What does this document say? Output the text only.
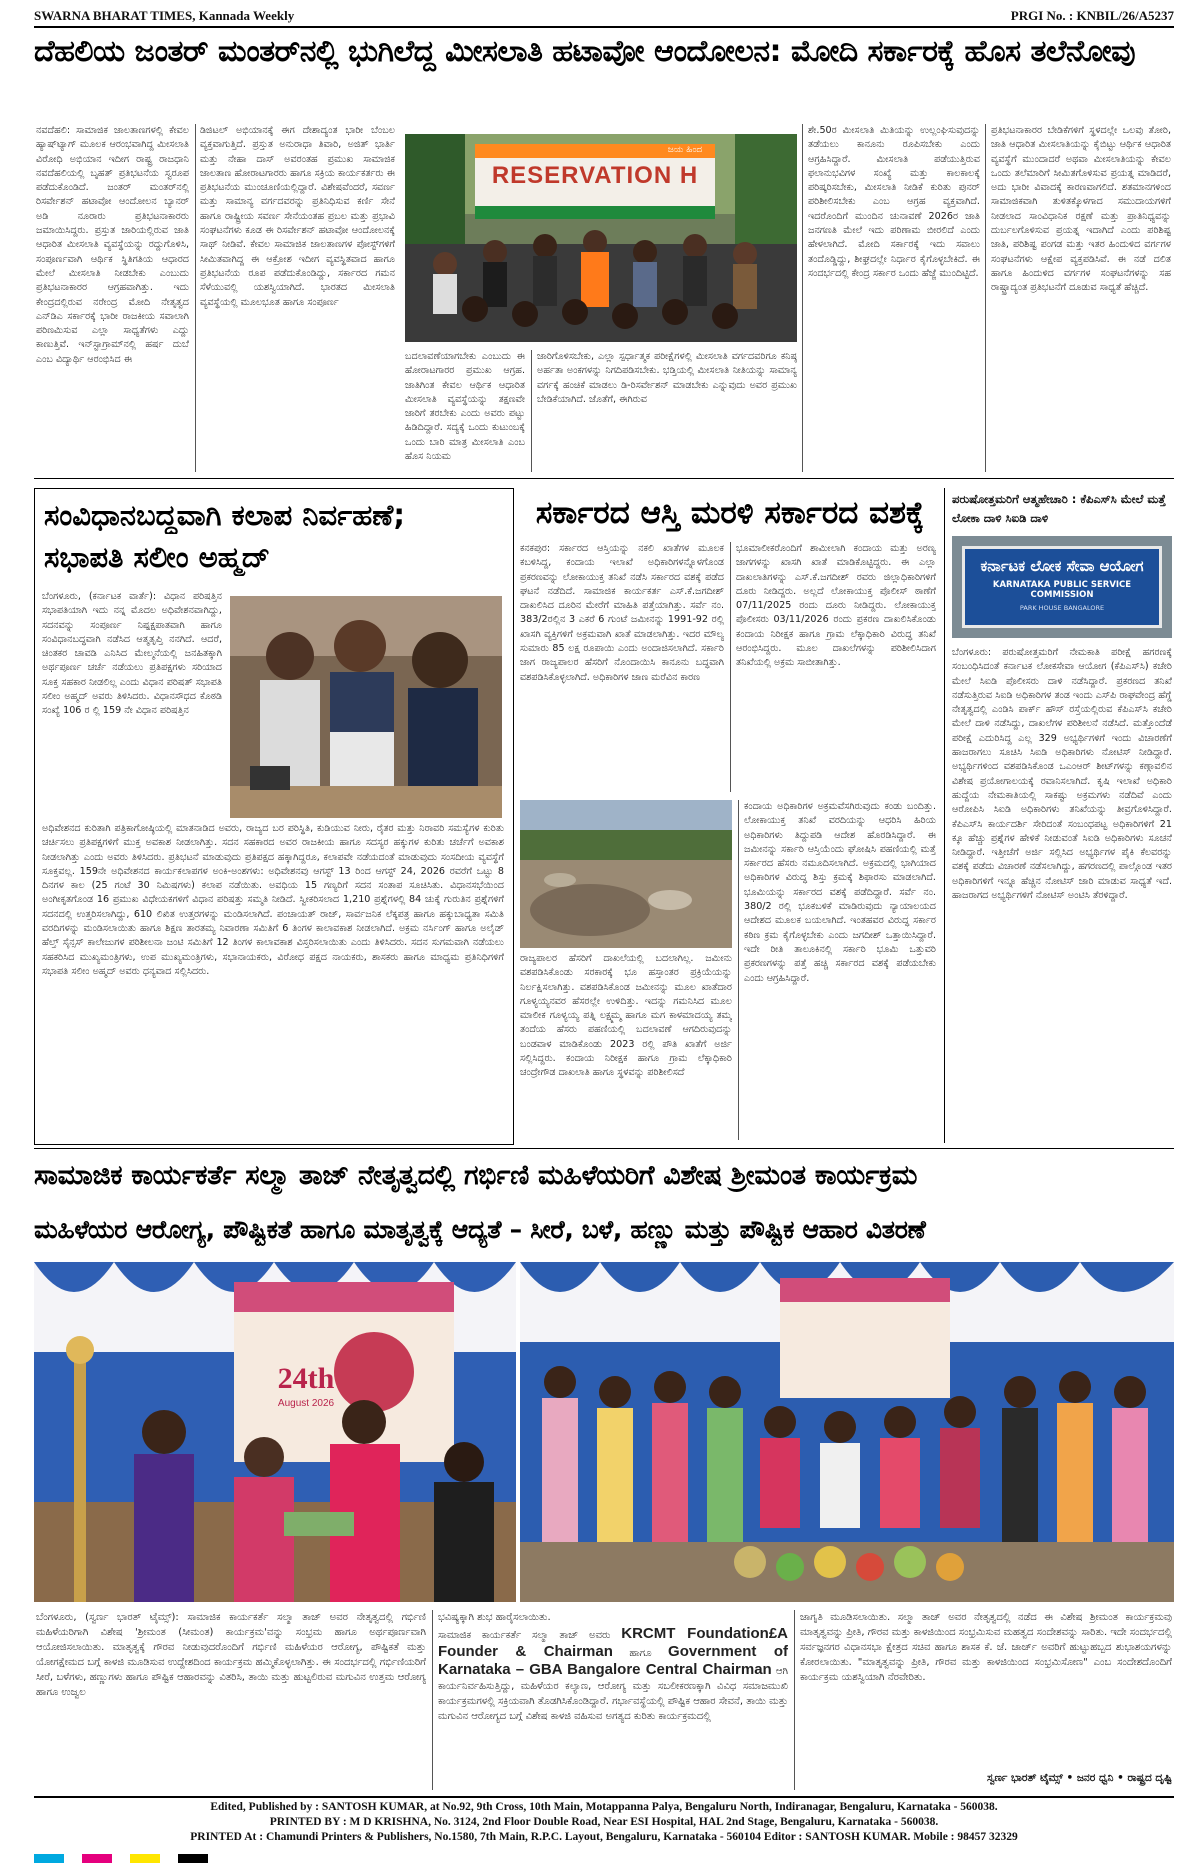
SWARNA BHARAT TIMES, Kannada Weekly	PRGI No. : KNBIL/26/A5237
ದೆಹಲಿಯ ಜಂತರ್ ಮಂತರ್‌ನಲ್ಲಿ ಭುಗಿಲೆದ್ದ ಮೀಸಲಾತಿ ಹಟಾವೋ ಆಂದೋಲನ: ಮೋದಿ ಸರ್ಕಾರಕ್ಕೆ ಹೊಸ ತಲೆನೋವು
ನವದೆಹಲಿ: ಸಾಮಾಜಿಕ ಜಾಲತಾಣಗಳಲ್ಲಿ ಕೇವಲ ಹ್ಯಾಷ್‌ಟ್ಯಾಗ್ ಮೂಲಕ ಆರಂಭವಾಗಿದ್ದ ಮೀಸಲಾತಿ ವಿರೋಧಿ ಅಭಿಯಾನ ಇದೀಗ ರಾಷ್ಟ್ರ ರಾಜಧಾನಿ ನವದೆಹಲಿಯಲ್ಲಿ ಬೃಹತ್ ಪ್ರತಿಭಟನೆಯ ಸ್ವರೂಪ ಪಡೆದುಕೊಂಡಿದೆ. ಜಂತರ್ ಮಂತರ್‌ನಲ್ಲಿ ರಿಸರ್ವೇಶನ್ ಹಟಾವೋ ಆಂದೋಲನ ಬ್ಯಾನರ್ ಅಡಿ ನೂರಾರು ಪ್ರತಿಭಟನಾಕಾರರು ಜಮಾಯಿಸಿದ್ದರು. ಪ್ರಸ್ತುತ ಜಾರಿಯಲ್ಲಿರುವ ಜಾತಿ ಆಧಾರಿತ ಮೀಸಲಾತಿ ವ್ಯವಸ್ಥೆಯನ್ನು ರದ್ದುಗೊಳಿಸಿ, ಸಂಪೂರ್ಣವಾಗಿ ಆರ್ಥಿಕ ಸ್ಥಿತಿಗತಿಯ ಆಧಾರದ ಮೇಲೆ ಮೀಸಲಾತಿ ನೀಡಬೇಕು ಎಂಬುದು ಪ್ರತಿಭಟನಾಕಾರರ ಆಗ್ರಹವಾಗಿತ್ತು. ಇದು ಕೇಂದ್ರದಲ್ಲಿರುವ ನರೇಂದ್ರ ಮೋದಿ ನೇತೃತ್ವದ ಎನ್‌ಡಿಎ ಸರ್ಕಾರಕ್ಕೆ ಭಾರೀ ರಾಜಕೀಯ ಸವಾಲಾಗಿ ಪರಿಣಮಿಸುವ ಎಲ್ಲಾ ಸಾಧ್ಯತೆಗಳು ಎದ್ದು ಕಾಣುತ್ತಿವೆ. ಇನ್‌ಸ್ಟಾಗ್ರಾಮ್‌ನಲ್ಲಿ ಹರ್ಷ ದುಬೆ ಎಂಬ ವಿದ್ಯಾರ್ಥಿ ಆರಂಭಿಸಿದ ಈ
ಡಿಜಿಟಲ್ ಅಭಿಯಾನಕ್ಕೆ ಈಗ ದೇಶಾದ್ಯಂತ ಭಾರೀ ಬೆಂಬಲ ವ್ಯಕ್ತವಾಗುತ್ತಿದೆ. ಪ್ರಸ್ತುತ ಅನುರಾಧಾ ತಿವಾರಿ, ಅಜಿತ್ ಭಾರ್ತಿ ಮತ್ತು ನೇಹಾ ದಾಸ್ ಅವರಂತಹ ಪ್ರಮುಖ ಸಾಮಾಜಿಕ ಜಾಲತಾಣ ಹೋರಾಟಗಾರರು ಹಾಗೂ ಸಕ್ರಿಯ ಕಾರ್ಯಕರ್ತರು ಈ ಪ್ರತಿಭಟನೆಯ ಮುಂಚೂಣಿಯಲ್ಲಿದ್ದಾರೆ. ವಿಶೇಷವೆಂದರೆ, ಸವರ್ಣ ಮತ್ತು ಸಾಮಾನ್ಯ ವರ್ಗದವರನ್ನು ಪ್ರತಿನಿಧಿಸುವ ಕರ್ಣಿ ಸೇನೆ ಹಾಗೂ ರಾಷ್ಟ್ರೀಯ ಸವರ್ಣ ಸೇನೆಯಂತಹ ಪ್ರಬಲ ಮತ್ತು ಪ್ರಭಾವಿ ಸಂಘಟನೆಗಳು ಕೂಡ ಈ ರಿಸರ್ವೇಶನ್ ಹಟಾವೋ ಆಂದೋಲನಕ್ಕೆ ಸಾಥ್ ನೀಡಿವೆ. ಕೇವಲ ಸಾಮಾಜಿಕ ಜಾಲತಾಣಗಳ ಪೋಸ್ಟ್‌ಗಳಿಗೆ ಸೀಮಿತವಾಗಿದ್ದ ಈ ಆಕ್ರೋಶ ಇದೀಗ ವ್ಯವಸ್ಥಿತವಾದ ಹಾಗೂ ಪ್ರತಿಭಟನೆಯ ರೂಪ ಪಡೆದುಕೊಂಡಿದ್ದು, ಸರ್ಕಾರದ ಗಮನ ಸೆಳೆಯುವಲ್ಲಿ ಯಶಸ್ವಿಯಾಗಿದೆ. ಭಾರತದ ಮೀಸಲಾತಿ ವ್ಯವಸ್ಥೆಯಲ್ಲಿ ಮೂಲಭೂತ ಹಾಗೂ ಸಂಪೂರ್ಣ
RESERVATION H
ಜಯ ಹಿಂದ
ಬದಲಾವಣೆಯಾಗಬೇಕು ಎಂಬುದು ಈ ಹೋರಾಟಗಾರರ ಪ್ರಮುಖ ಆಗ್ರಹ. ಜಾತಿಗಿಂತ ಕೇವಲ ಆರ್ಥಿಕ ಆಧಾರಿತ ಮೀಸಲಾತಿ ವ್ಯವಸ್ಥೆಯನ್ನು ತಕ್ಷಣವೇ ಜಾರಿಗೆ ತರಬೇಕು ಎಂದು ಅವರು ಪಟ್ಟು ಹಿಡಿದಿದ್ದಾರೆ. ಸದ್ಯಕ್ಕೆ ಒಂದು ಕುಟುಂಬಕ್ಕೆ ಒಂದು ಬಾರಿ ಮಾತ್ರ ಮೀಸಲಾತಿ ಎಂಬ ಹೊಸ ನಿಯಮ
ಜಾರಿಗೊಳಿಸಬೇಕು, ಎಲ್ಲಾ ಸ್ಪರ್ಧಾತ್ಮಕ ಪರೀಕ್ಷೆಗಳಲ್ಲಿ ಮೀಸಲಾತಿ ವರ್ಗದವರಿಗೂ ಕನಿಷ್ಠ ಅರ್ಹತಾ ಅಂಕಗಳನ್ನು ನಿಗದಿಪಡಿಸಬೇಕು. ಭಡ್ತಿಯಲ್ಲಿ ಮೀಸಲಾತಿ ನೀತಿಯನ್ನು ಸಾಮಾನ್ಯ ವರ್ಗಕ್ಕೆ ಹಂಚಿಕೆ ಮಾಡಲು ಡಿ-ರಿಸರ್ವೇಶನ್ ಮಾಡಬೇಕು ಎನ್ನುವುದು ಅವರ ಪ್ರಮುಖ ಬೇಡಿಕೆಯಾಗಿದೆ. ಜೊತೆಗೆ, ಈಗಿರುವ
ಶೇ.50ರ ಮೀಸಲಾತಿ ಮಿತಿಯನ್ನು ಉಲ್ಲಂಘಿಸುವುದನ್ನು ತಡೆಯಲು ಕಾನೂನು ರೂಪಿಸಬೇಕು ಎಂದು ಆಗ್ರಹಿಸಿದ್ದಾರೆ. ಮೀಸಲಾತಿ ಪಡೆಯುತ್ತಿರುವ ಫಲಾನುಭವಿಗಳ ಸಂಖ್ಯೆ ಮತ್ತು ಕಾಲಕಾಲಕ್ಕೆ ಪರಿಷ್ಕರಿಸಬೇಕು, ಮೀಸಲಾತಿ ನೀಡಿಕೆ ಕುರಿತು ಪುನರ್ ಪರಿಶೀಲಿಸಬೇಕು ಎಂಬ ಆಗ್ರಹ ವ್ಯಕ್ತವಾಗಿದೆ. ಇದರೊಂದಿಗೆ ಮುಂದಿನ ಚುನಾವಣೆ 2026ರ ಜಾತಿ ಜನಗಣತಿ ಮೇಲೆ ಇದು ಪರಿಣಾಮ ಬೀರಲಿದೆ ಎಂದು ಹೇಳಲಾಗಿದೆ. ಮೋದಿ ಸರ್ಕಾರಕ್ಕೆ ಇದು ಸವಾಲು ತಂದೊಡ್ಡಿದ್ದು, ಶೀಘ್ರದಲ್ಲೇ ನಿರ್ಧಾರ ಕೈಗೊಳ್ಳಬೇಕಿದೆ. ಈ ಸಂದರ್ಭದಲ್ಲಿ ಕೇಂದ್ರ ಸರ್ಕಾರ ಒಂದು ಹೆಜ್ಜೆ ಮುಂದಿಟ್ಟಿದೆ.
ಪ್ರತಿಭಟನಾಕಾರರ ಬೇಡಿಕೆಗಳಿಗೆ ಸ್ಥಳದಲ್ಲೇ ಒಲವು ತೋರಿ, ಜಾತಿ ಆಧಾರಿತ ಮೀಸಲಾತಿಯನ್ನು ಕೈಬಿಟ್ಟು ಆರ್ಥಿಕ ಆಧಾರಿತ ವ್ಯವಸ್ಥೆಗೆ ಮುಂದಾದರೆ ಅಥವಾ ಮೀಸಲಾತಿಯನ್ನು ಕೇವಲ ಒಂದು ತಲೆಮಾರಿಗೆ ಸೀಮಿತಗೊಳಿಸುವ ಪ್ರಯತ್ನ ಮಾಡಿದರೆ, ಅದು ಭಾರೀ ವಿವಾದಕ್ಕೆ ಕಾರಣವಾಗಲಿದೆ. ಶತಮಾನಗಳಿಂದ ಸಾಮಾಜಿಕವಾಗಿ ತುಳಿತಕ್ಕೊಳಗಾದ ಸಮುದಾಯಗಳಿಗೆ ನೀಡಲಾದ ಸಾಂವಿಧಾನಿಕ ರಕ್ಷಣೆ ಮತ್ತು ಪ್ರಾತಿನಿಧ್ಯವನ್ನು ದುರ್ಬಲಗೊಳಿಸುವ ಪ್ರಯತ್ನ ಇದಾಗಿದೆ ಎಂದು ಪರಿಶಿಷ್ಟ ಜಾತಿ, ಪರಿಶಿಷ್ಟ ಪಂಗಡ ಮತ್ತು ಇತರ ಹಿಂದುಳಿದ ವರ್ಗಗಳ ಸಂಘಟನೆಗಳು ಆಕ್ಷೇಪ ವ್ಯಕ್ತಪಡಿಸಿವೆ. ಈ ನಡೆ ದಲಿತ ಹಾಗೂ ಹಿಂದುಳಿದ ವರ್ಗಗಳ ಸಂಘಟನೆಗಳನ್ನು ಸಹ ರಾಷ್ಟ್ರಾದ್ಯಂತ ಪ್ರತಿಭಟನೆಗೆ ದೂಡುವ ಸಾಧ್ಯತೆ ಹೆಚ್ಚಿದೆ.
ಸಂವಿಧಾನಬದ್ಧವಾಗಿ ಕಲಾಪ ನಿರ್ವಹಣೆ;
ಸಭಾಪತಿ ಸಲೀಂ ಅಹ್ಮದ್
ಬೆಂಗಳೂರು, (ಕರ್ನಾಟಕ ವಾರ್ತೆ): ವಿಧಾನ ಪರಿಷತ್ತಿನ ಸಭಾಪತಿಯಾಗಿ ಇದು ನನ್ನ ಮೊದಲ ಅಧಿವೇಶನವಾಗಿದ್ದು, ಸದನವನ್ನು ಸಂಪೂರ್ಣ ನಿಷ್ಪಕ್ಷಪಾತವಾಗಿ ಹಾಗೂ ಸಂವಿಧಾನಬದ್ಧವಾಗಿ ನಡೆಸಿದ ಆತ್ಮತೃಪ್ತಿ ನನಗಿದೆ. ಆದರೆ, ಚಿಂತಕರ ಚಾವಡಿ ಎನಿಸಿದ ಮೇಲ್ಮನೆಯಲ್ಲಿ ಜನಹಿತಕ್ಕಾಗಿ ಅರ್ಥಪೂರ್ಣ ಚರ್ಚೆ ನಡೆಯಲು ಪ್ರತಿಪಕ್ಷಗಳು ಸರಿಯಾದ ಸೂಕ್ತ ಸಹಕಾರ ನೀಡಲಿಲ್ಲ ಎಂದು ವಿಧಾನ ಪರಿಷತ್ ಸಭಾಪತಿ ಸಲೀಂ ಅಹ್ಮದ್ ಅವರು ತಿಳಿಸಿದರು. ವಿಧಾನಸೌಧದ ಕೊಠಡಿ ಸಂಖ್ಯೆ 106 ರ ಲ್ಲಿ 159 ನೇ ವಿಧಾನ ಪರಿಷತ್ತಿನ
ಅಧಿವೇಶನದ ಕುರಿತಾಗಿ ಪತ್ರಿಕಾಗೋಷ್ಠಿಯಲ್ಲಿ ಮಾತನಾಡಿದ ಅವರು, ರಾಜ್ಯದ ಬರ ಪರಿಸ್ಥಿತಿ, ಕುಡಿಯುವ ನೀರು, ರೈತರ ಮತ್ತು ನಿರಾವರಿ ಸಮಸ್ಯೆಗಳ ಕುರಿತು ಚರ್ಚಿಸಲು ಪ್ರತಿಪಕ್ಷಗಳಿಗೆ ಮುಕ್ತ ಅವಕಾಶ ನೀಡಲಾಗಿತ್ತು. ಸದನ ಸಹಕಾರದ ಅವರ ರಾಜಕೀಯ ಹಾಗೂ ಸದಸ್ಯರ ಹಕ್ಕುಗಳ ಕುರಿತು ಚರ್ಚೆಗೆ ಅವಕಾಶ ನೀಡಲಾಗಿತ್ತು ಎಂದು ಅವರು ತಿಳಿಸಿದರು. ಪ್ರತಿಭಟನೆ ಮಾಡುವುದು ಪ್ರತಿಪಕ್ಷದ ಹಕ್ಕಾಗಿದ್ದರೂ, ಕಲಾಪವೇ ನಡೆಯದಂತೆ ಮಾಡುವುದು ಸಂಸದೀಯ ವ್ಯವಸ್ಥೆಗೆ ಸೂಕ್ತವಲ್ಲ. 159ನೇ ಅಧಿವೇಶನದ ಕಾರ್ಯಕಲಾಪಗಳ ಅಂಕಿ-ಅಂಶಗಳು: ಅಧಿವೇಶನವು ಆಗಸ್ಟ್ 13 ರಿಂದ ಆಗಸ್ಟ್ 24, 2026 ರವರೆಗೆ ಒಟ್ಟು 8 ದಿನಗಳ ಕಾಲ (25 ಗಂಟೆ 30 ನಿಮಿಷಗಳು) ಕಲಾಪ ನಡೆಯಿತು. ಅವಧಿಯ 15 ಗಣ್ಯರಿಗೆ ಸದನ ಸಂತಾಪ ಸೂಚಿಸಿತು. ವಿಧಾನಸಭೆಯಿಂದ ಅಂಗೀಕೃತಗೊಂಡ 16 ಪ್ರಮುಖ ವಿಧೇಯಕಗಳಿಗೆ ವಿಧಾನ ಪರಿಷತ್ತು ಸಮ್ಮತಿ ನೀಡಿದೆ. ಸ್ವೀಕರಿಸಲಾದ 1,210 ಪ್ರಶ್ನೆಗಳಲ್ಲಿ 84 ಚುಕ್ಕೆ ಗುರುತಿನ ಪ್ರಶ್ನೆಗಳಿಗೆ ಸದನದಲ್ಲಿ ಉತ್ತರಿಸಲಾಗಿದ್ದು, 610 ಲಿಖಿತ ಉತ್ತರಗಳನ್ನು ಮಂಡಿಸಲಾಗಿದೆ. ಪಂಚಾಯತ್ ರಾಜ್, ಸಾರ್ವಜನಿಕ ಲೆಕ್ಕಪತ್ರ ಹಾಗೂ ಹಕ್ಕುಬಾಧ್ಯತಾ ಸಮಿತಿ ವರದಿಗಳನ್ನು ಮಂಡಿಸಲಾಯಿತು ಹಾಗೂ ಶಿಕ್ಷಣ ತಾರತಮ್ಯ ನಿವಾರಣಾ ಸಮಿತಿಗೆ 6 ತಿಂಗಳ ಕಾಲಾವಕಾಶ ನೀಡಲಾಗಿದೆ. ಅಕ್ರಮ ನರ್ಸಿಂಗ್ ಹಾಗೂ ಅಲೈಡ್ ಹೆಲ್ತ್ ಸೈನ್ಸಸ್ ಕಾಲೇಜುಗಳ ಪರಿಶೀಲನಾ ಜಂಟಿ ಸಮಿತಿಗೆ 12 ತಿಂಗಳ ಕಾಲಾವಕಾಶ ವಿಸ್ತರಿಸಲಾಯಿತು ಎಂದು ತಿಳಿಸಿದರು. ಸದನ ಸುಗಮವಾಗಿ ನಡೆಯಲು ಸಹಕರಿಸಿದ ಮುಖ್ಯಮಂತ್ರಿಗಳು, ಉಪ ಮುಖ್ಯಮಂತ್ರಿಗಳು, ಸಭಾನಾಯಕರು, ವಿರೋಧ ಪಕ್ಷದ ನಾಯಕರು, ಶಾಸಕರು ಹಾಗೂ ಮಾಧ್ಯಮ ಪ್ರತಿನಿಧಿಗಳಿಗೆ ಸಭಾಪತಿ ಸಲೀಂ ಅಹ್ಮದ್ ಅವರು ಧನ್ಯವಾದ ಸಲ್ಲಿಸಿದರು.
ಸರ್ಕಾರದ ಆಸ್ತಿ ಮರಳಿ ಸರ್ಕಾರದ ವಶಕ್ಕೆ
ಕನಕಪುರ: ಸರ್ಕಾರದ ಆಸ್ತಿಯನ್ನು ನಕಲಿ ಖಾತೆಗಳ ಮೂಲಕ ಕಬಳಿಸಿದ್ದ, ಕಂದಾಯ ಇಲಾಖೆ ಅಧಿಕಾರಿಗಳನ್ನೊಳಗೊಂಡ ಪ್ರಕರಣವನ್ನು ಲೋಕಾಯುಕ್ತ ತನಿಖೆ ನಡೆಸಿ ಸರ್ಕಾರದ ವಶಕ್ಕೆ ಪಡೆದ ಘಟನೆ ನಡೆದಿದೆ. ಸಾಮಾಜಿಕ ಕಾರ್ಯಕರ್ತ ಎಸ್.ಕೆ.ಜಗದೀಶ್ ದಾಖಲಿಸಿದ ದೂರಿನ ಮೇರೆಗೆ ಮಾಹಿತಿ ಪತ್ತೆಯಾಗಿತ್ತು. ಸರ್ವೆ ನಂ. 383/2ರಲ್ಲಿನ 3 ಎಕರೆ 6 ಗುಂಟೆ ಜಮೀನನ್ನು 1991-92 ರಲ್ಲಿ ಖಾಸಗಿ ವ್ಯಕ್ತಿಗಳಿಗೆ ಅಕ್ರಮವಾಗಿ ಖಾತೆ ಮಾಡಲಾಗಿತ್ತು. ಇದರ ಮೌಲ್ಯ ಸುಮಾರು 85 ಲಕ್ಷ ರೂಪಾಯಿ ಎಂದು ಅಂದಾಜಿಸಲಾಗಿದೆ. ಸರ್ಕಾರಿ ಜಾಗ ರಾಜ್ಯಪಾಲರ ಹೆಸರಿಗೆ ನೊಂದಾಯಿಸಿ ಕಾನೂನು ಬದ್ಧವಾಗಿ ವಶಪಡಿಸಿಕೊಳ್ಳಲಾಗಿದೆ. ಅಧಿಕಾರಿಗಳ ಜಾಣ ಮರೆವಿನ ಕಾರಣ
ಭೂಮಾಲೀಕರೊಂದಿಗೆ ಶಾಮೀಲಾಗಿ ಕಂದಾಯ ಮತ್ತು ಅರಣ್ಯ ಜಾಗಗಳನ್ನು ಖಾಸಗಿ ಖಾತೆ ಮಾಡಿಕೊಟ್ಟಿದ್ದರು. ಈ ಎಲ್ಲಾ ದಾಖಲಾತಿಗಳನ್ನು ಎಸ್.ಕೆ.ಜಗದೀಶ್ ರವರು ಜಿಲ್ಲಾಧಿಕಾರಿಗಳಿಗೆ ದೂರು ನೀಡಿದ್ದರು. ಅಲ್ಲದೆ ಲೋಕಾಯುಕ್ತ ಪೊಲೀಸ್ ಠಾಣೆಗೆ 07/11/2025 ರಂದು ದೂರು ನೀಡಿದ್ದರು. ಲೋಕಾಯುಕ್ತ ಪೊಲೀಸರು 03/11/2026 ರಂದು ಪ್ರಕರಣ ದಾಖಲಿಸಿಕೊಂಡು ಕಂದಾಯ ನಿರೀಕ್ಷಕ ಹಾಗೂ ಗ್ರಾಮ ಲೆಕ್ಕಾಧಿಕಾರಿ ವಿರುದ್ಧ ತನಿಖೆ ಆರಂಭಿಸಿದ್ದರು. ಮೂಲ ದಾಖಲೆಗಳನ್ನು ಪರಿಶೀಲಿಸಿದಾಗ ತನಿಖೆಯಲ್ಲಿ ಅಕ್ರಮ ಸಾಬೀತಾಗಿತ್ತು.
ರಾಜ್ಯಪಾಲರ ಹೆಸರಿಗೆ ದಾಖಲೆಯಲ್ಲಿ ಬದಲಾಗಿಲ್ಲ. ಜಮೀನು ವಶಪಡಿಸಿಕೊಂಡು ಸರಕಾರಕ್ಕೆ ಭೂ ಹಸ್ತಾಂತರ ಪ್ರಕ್ರಿಯೆಯನ್ನು ನಿರ್ಲಕ್ಷಿಸಲಾಗಿತ್ತು. ವಶಪಡಿಸಿಕೊಂಡ ಜಮೀನನ್ನು ಮೂಲ ಖಾತೆದಾರ ಗೂಳ್ಯಯ್ಯನವರ ಹೆಸರಲ್ಲೇ ಉಳಿದಿತ್ತು. ಇದನ್ನು ಗಮನಿಸಿದ ಮೂಲ ಮಾಲೀಕ ಗೂಳ್ಯಯ್ಯ ಪತ್ನಿ ಲಕ್ಷ್ಮಮ್ಮ ಹಾಗೂ ಮಗ ಕಾಳಮಾದಯ್ಯ ತಮ್ಮ ತಂದೆಯ ಹೆಸರು ಪಹಣಿಯಲ್ಲಿ ಬದಲಾವಣೆ ಆಗದಿರುವುದನ್ನು ಬಂಡವಾಳ ಮಾಡಿಕೊಂಡು 2023 ರಲ್ಲಿ ಪೌತಿ ಖಾತೆಗೆ ಅರ್ಜಿ ಸಲ್ಲಿಸಿದ್ದರು. ಕಂದಾಯ ನಿರೀಕ್ಷಕ ಹಾಗೂ ಗ್ರಾಮ ಲೆಕ್ಕಾಧಿಕಾರಿ ಚಂದ್ರೇಗೌಡ ದಾಖಲಾತಿ ಹಾಗೂ ಸ್ಥಳವನ್ನು ಪರಿಶೀಲಿಸದೆ
ಕಂದಾಯ ಅಧಿಕಾರಿಗಳ ಅಕ್ರಮವೆಸಗಿರುವುದು ಕಂಡು ಬಂದಿತ್ತು. ಲೋಕಾಯುಕ್ತ ತನಿಖೆ ವರದಿಯನ್ನು ಆಧರಿಸಿ ಹಿರಿಯ ಅಧಿಕಾರಿಗಳು ತಿದ್ದುಪಡಿ ಆದೇಶ ಹೊರಡಿಸಿದ್ದಾರೆ. ಈ ಜಮೀನನ್ನು ಸರ್ಕಾರಿ ಆಸ್ತಿಯೆಂದು ಘೋಷಿಸಿ ಪಹಣಿಯಲ್ಲಿ ಮತ್ತೆ ಸರ್ಕಾರದ ಹೆಸರು ನಮೂದಿಸಲಾಗಿದೆ. ಅಕ್ರಮದಲ್ಲಿ ಭಾಗಿಯಾದ ಅಧಿಕಾರಿಗಳ ವಿರುದ್ಧ ಶಿಸ್ತು ಕ್ರಮಕ್ಕೆ ಶಿಫಾರಸು ಮಾಡಲಾಗಿದೆ. ಭೂಮಿಯನ್ನು ಸರ್ಕಾರದ ವಶಕ್ಕೆ ಪಡೆದಿದ್ದಾರೆ. ಸರ್ವೆ ನಂ. 380/2 ರಲ್ಲಿ ಭೂಕಬಳಿಕೆ ಮಾಡಿರುವುದು ನ್ಯಾಯಾಲಯದ ಆದೇಶದ ಮೂಲಕ ಬಯಲಾಗಿದೆ. ಇಂತಹವರ ವಿರುದ್ಧ ಸರ್ಕಾರ ಕಠಿಣ ಕ್ರಮ ಕೈಗೊಳ್ಳಬೇಕು ಎಂದು ಜಗದೀಶ್ ಒತ್ತಾಯಿಸಿದ್ದಾರೆ. ಇದೇ ರೀತಿ ತಾಲೂಕಿನಲ್ಲಿ ಸರ್ಕಾರಿ ಭೂಮಿ ಒತ್ತುವರಿ ಪ್ರಕರಣಗಳನ್ನು ಪತ್ತೆ ಹಚ್ಚಿ ಸರ್ಕಾರದ ವಶಕ್ಕೆ ಪಡೆಯಬೇಕು ಎಂದು ಆಗ್ರಹಿಸಿದ್ದಾರೆ.
ಪರುಷೋತ್ತಮರಿಗೆ ಆತ್ಮಹೇಚಾರಿ : ಕೆಪಿಎಸ್‌ಸಿ ಮೇಲೆ ಮತ್ತೆ ಲೋಕಾ ದಾಳಿ ಸಿಐಡಿ ದಾಳಿ
ಕರ್ನಾಟಕ ಲೋಕ ಸೇವಾ ಆಯೋಗ
KARNATAKA PUBLIC SERVICE COMMISSION
PARK HOUSE BANGALORE
ಬೆಂಗಳೂರು: ಪರುಷೋತ್ತಮರಿಗೆ ನೇಮಕಾತಿ ಪರೀಕ್ಷೆ ಹಗರಣಕ್ಕೆ ಸಂಬಂಧಿಸಿದಂತೆ ಕರ್ನಾಟಕ ಲೋಕಸೇವಾ ಆಯೋಗ (ಕೆಪಿಎಸ್‌ಸಿ) ಕಚೇರಿ ಮೇಲೆ ಸಿಐಡಿ ಪೊಲೀಸರು ದಾಳಿ ನಡೆಸಿದ್ದಾರೆ. ಪ್ರಕರಣದ ತನಿಖೆ ನಡೆಸುತ್ತಿರುವ ಸಿಐಡಿ ಅಧಿಕಾರಿಗಳ ತಂಡ ಇಂದು ಎಸ್‌ಪಿ ರಾಘವೇಂದ್ರ ಹೆಗ್ಡೆ ನೇತೃತ್ವದಲ್ಲಿ ಎಂಡಿಸಿ ಪಾರ್ಕ್ ಹೌಸ್ ರಸ್ತೆಯಲ್ಲಿರುವ ಕೆಪಿಎಸ್‌ಸಿ ಕಚೇರಿ ಮೇಲೆ ದಾಳಿ ನಡೆಸಿದ್ದು, ದಾಖಲೆಗಳ ಪರಿಶೀಲನೆ ನಡೆಸಿದೆ. ಮತ್ತೊಂದೆಡೆ ಪರೀಕ್ಷೆ ಎದುರಿಸಿದ್ದ ಎಲ್ಲ 329 ಅಭ್ಯರ್ಥಿಗಳಿಗೆ ಇಂದು ವಿಚಾರಣೆಗೆ ಹಾಜರಾಗಲು ಸೂಚಿಸಿ ಸಿಐಡಿ ಅಧಿಕಾರಿಗಳು ನೋಟಿಸ್ ನೀಡಿದ್ದಾರೆ. ಅಭ್ಯರ್ಥಿಗಳಿಂದ ವಶಪಡಿಸಿಕೊಂಡ ಒಎಂಆರ್ ಶೀಟ್‌ಗಳನ್ನು ಕಣ್ಗಾವಲಿನ ವಿಶೇಷ ಪ್ರಯೋಗಾಲಯಕ್ಕೆ ರವಾನಿಸಲಾಗಿದೆ. ಕೃಷಿ ಇಲಾಖೆ ಅಧಿಕಾರಿ ಹುದ್ದೆಯ ನೇಮಕಾತಿಯಲ್ಲಿ ಸಾಕಷ್ಟು ಅಕ್ರಮಗಳು ನಡೆದಿವೆ ಎಂದು ಆರೋಪಿಸಿ ಸಿಐಡಿ ಅಧಿಕಾರಿಗಳು ತನಿಖೆಯನ್ನು ತೀವ್ರಗೊಳಿಸಿದ್ದಾರೆ. ಕೆಪಿಎಸ್‌ಸಿ ಕಾರ್ಯದರ್ಶಿ ಸೇರಿದಂತೆ ಸಂಬಂಧಪಟ್ಟ ಅಧಿಕಾರಿಗಳಿಗೆ 21 ಕ್ಕೂ ಹೆಚ್ಚು ಪ್ರಶ್ನೆಗಳ ಹೇಳಿಕೆ ನೀಡುವಂತೆ ಸಿಐಡಿ ಅಧಿಕಾರಿಗಳು ಸೂಚನೆ ನೀಡಿದ್ದಾರೆ. ಇತ್ತೀಚೆಗೆ ಅರ್ಜಿ ಸಲ್ಲಿಸಿದ ಅಭ್ಯರ್ಥಿಗಳ ಪೈಕಿ ಕೆಲವರನ್ನು ವಶಕ್ಕೆ ಪಡೆದು ವಿಚಾರಣೆ ನಡೆಸಲಾಗಿದ್ದು, ಹಗರಣದಲ್ಲಿ ಪಾಲ್ಗೊಂಡ ಇತರ ಅಧಿಕಾರಿಗಳಿಗೆ ಇನ್ನೂ ಹೆಚ್ಚಿನ ನೋಟಿಸ್ ಜಾರಿ ಮಾಡುವ ಸಾಧ್ಯತೆ ಇದೆ. ಹಾಜರಾಗದ ಅಭ್ಯರ್ಥಿಗಳಿಗೆ ನೋಟಿಸ್ ಅಂಟಿಸಿ ತೆರಳಿದ್ದಾರೆ.
ಸಾಮಾಜಿಕ ಕಾರ್ಯಕರ್ತೆ ಸಲ್ಮಾ ತಾಜ್ ನೇತೃತ್ವದಲ್ಲಿ ಗರ್ಭಿಣಿ ಮಹಿಳೆಯರಿಗೆ ವಿಶೇಷ ಶ್ರೀಮಂತ ಕಾರ್ಯಕ್ರಮ
ಮಹಿಳೆಯರ ಆರೋಗ್ಯ, ಪೌಷ್ಟಿಕತೆ ಹಾಗೂ ಮಾತೃತ್ವಕ್ಕೆ ಆದ್ಯತೆ – ಸೀರೆ, ಬಳೆ, ಹಣ್ಣು ಮತ್ತು ಪೌಷ್ಟಿಕ ಆಹಾರ ವಿತರಣೆ
24th
August 2026
ಬೆಂಗಳೂರು, (ಸ್ವರ್ಣ ಭಾರತ್ ಟೈಮ್ಸ್): ಸಾಮಾಜಿಕ ಕಾರ್ಯಕರ್ತೆ ಸಲ್ಮಾ ತಾಜ್ ಅವರ ನೇತೃತ್ವದಲ್ಲಿ ಗರ್ಭಿಣಿ ಮಹಿಳೆಯರಿಗಾಗಿ ವಿಶೇಷ 'ಶ್ರೀಮಂತ (ಸೀಮಂತ) ಕಾರ್ಯಕ್ರಮ'ವನ್ನು ಸಂಭ್ರಮ ಹಾಗೂ ಅರ್ಥಪೂರ್ಣವಾಗಿ ಆಯೋಜಿಸಲಾಯಿತು. ಮಾತೃತ್ವಕ್ಕೆ ಗೌರವ ನೀಡುವುದರೊಂದಿಗೆ ಗರ್ಭಿಣಿ ಮಹಿಳೆಯರ ಆರೋಗ್ಯ, ಪೌಷ್ಟಿಕತೆ ಮತ್ತು ಯೋಗಕ್ಷೇಮದ ಬಗ್ಗೆ ಕಾಳಜಿ ಮೂಡಿಸುವ ಉದ್ದೇಶದಿಂದ ಕಾರ್ಯಕ್ರಮ ಹಮ್ಮಿಕೊಳ್ಳಲಾಗಿತ್ತು. ಈ ಸಂದರ್ಭದಲ್ಲಿ ಗರ್ಭಿಣಿಯರಿಗೆ ಸೀರೆ, ಬಳೆಗಳು, ಹಣ್ಣುಗಳು ಹಾಗೂ ಪೌಷ್ಟಿಕ ಆಹಾರವನ್ನು ವಿತರಿಸಿ, ತಾಯಿ ಮತ್ತು ಹುಟ್ಟಲಿರುವ ಮಗುವಿನ ಉತ್ತಮ ಆರೋಗ್ಯ ಹಾಗೂ ಉಜ್ವಲ
ಭವಿಷ್ಯಕ್ಕಾಗಿ ಶುಭ ಹಾರೈಸಲಾಯಿತು.
ಸಾಮಾಜಿಕ ಕಾರ್ಯಕರ್ತೆ ಸಲ್ಮಾ ತಾಜ್ ಅವರು KRCMT Foundation£A Founder & Chairman ಹಾಗೂ Government of Karnataka – GBA Bangalore Central Chairman ಆಗಿ ಕಾರ್ಯನಿರ್ವಹಿಸುತ್ತಿದ್ದು, ಮಹಿಳೆಯರ ಕಲ್ಯಾಣ, ಆರೋಗ್ಯ ಮತ್ತು ಸಬಲೀಕರಣಕ್ಕಾಗಿ ವಿವಿಧ ಸಮಾಜಮುಖಿ ಕಾರ್ಯಕ್ರಮಗಳಲ್ಲಿ ಸಕ್ರಿಯವಾಗಿ ತೊಡಗಿಸಿಕೊಂಡಿದ್ದಾರೆ. ಗರ್ಭಾವಸ್ಥೆಯಲ್ಲಿ ಪೌಷ್ಟಿಕ ಆಹಾರ ಸೇವನೆ, ತಾಯಿ ಮತ್ತು ಮಗುವಿನ ಆರೋಗ್ಯದ ಬಗ್ಗೆ ವಿಶೇಷ ಕಾಳಜಿ ವಹಿಸುವ ಅಗತ್ಯದ ಕುರಿತು ಕಾರ್ಯಕ್ರಮದಲ್ಲಿ
ಜಾಗೃತಿ ಮೂಡಿಸಲಾಯಿತು. ಸಲ್ಮಾ ತಾಜ್ ಅವರ ನೇತೃತ್ವದಲ್ಲಿ ನಡೆದ ಈ ವಿಶೇಷ ಶ್ರೀಮಂತ ಕಾರ್ಯಕ್ರಮವು ಮಾತೃತ್ವವನ್ನು ಪ್ರೀತಿ, ಗೌರವ ಮತ್ತು ಕಾಳಜಿಯಿಂದ ಸಂಭ್ರಮಿಸುವ ಮಹತ್ವದ ಸಂದೇಶವನ್ನು ಸಾರಿತು. ಇದೇ ಸಂದರ್ಭದಲ್ಲಿ ಸರ್ವಜ್ಞನಗರ ವಿಧಾನಸಭಾ ಕ್ಷೇತ್ರದ ಸಚಿವ ಹಾಗೂ ಶಾಸಕ ಕೆ. ಜೆ. ಜಾರ್ಜ್ ಅವರಿಗೆ ಹುಟ್ಟುಹಬ್ಬದ ಶುಭಾಶಯಗಳನ್ನು ಕೋರಲಾಯಿತು. "ಮಾತೃತ್ವವನ್ನು ಪ್ರೀತಿ, ಗೌರವ ಮತ್ತು ಕಾಳಜಿಯಿಂದ ಸಂಭ್ರಮಿಸೋಣ" ಎಂಬ ಸಂದೇಶದೊಂದಿಗೆ ಕಾರ್ಯಕ್ರಮ ಯಶಸ್ವಿಯಾಗಿ ನೆರವೇರಿತು.
ಸ್ವರ್ಣ ಭಾರತ್ ಟೈಮ್ಸ್ • ಜನರ ಧ್ವನಿ • ರಾಷ್ಟ್ರದ ದೃಷ್ಟಿ
Edited, Published by : SANTOSH KUMAR, at No.92, 9th Cross, 10th Main, Motappanna Palya, Bengaluru North, Indiranagar, Bengaluru, Karnataka - 560038.
PRINTED BY : M D KRISHNA, No. 3124, 2nd Floor Double Road, Near ESI Hospital, HAL 2nd Stage, Bengaluru, Karnataka - 560038.
PRINTED At : Chamundi Printers & Publishers, No.1580, 7th Main, R.P.C. Layout, Bengaluru, Karnataka - 560104 Editor : SANTOSH KUMAR. Mobile : 98457 32329
